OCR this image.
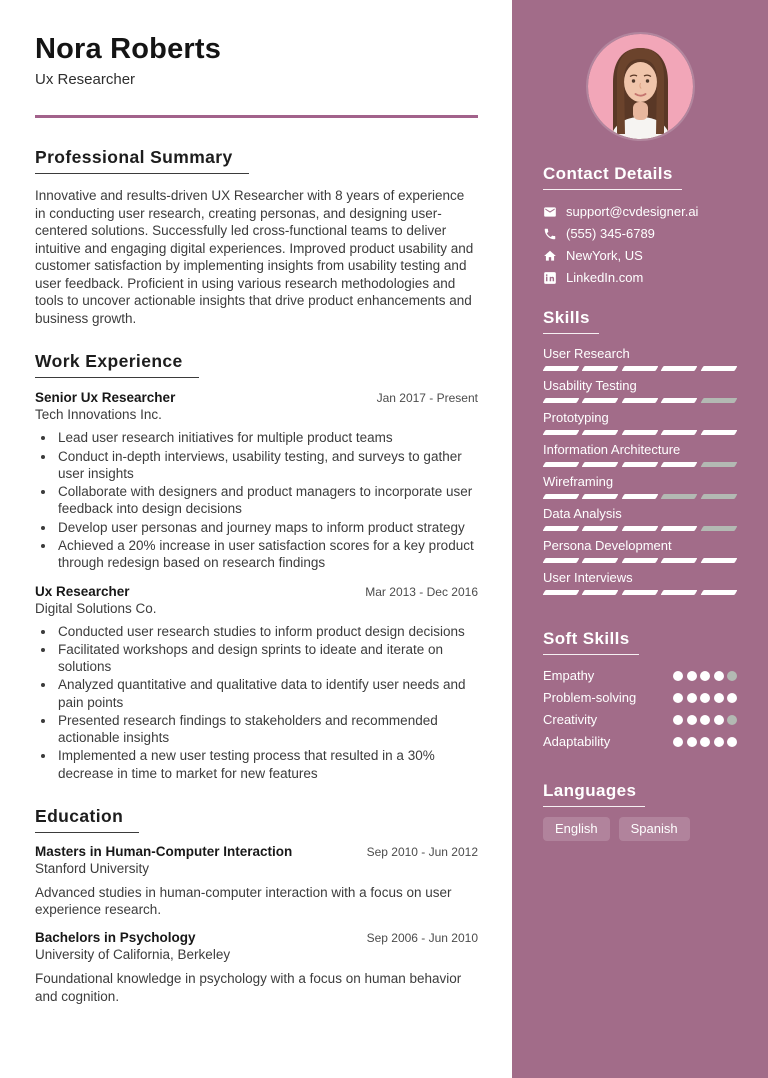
Nora Roberts
Ux Researcher
Professional Summary

Innovative and results-driven UX Researcher with 8 years of experience in conducting user research, creating personas, and designing user-centered solutions. Successfully led cross-functional teams to deliver intuitive and engaging digital experiences. Improved product usability and customer satisfaction by implementing insights from usability testing and user feedback. Proficient in using various research methodologies and tools to uncover actionable insights that drive product enhancements and business growth.

Work Experience
Senior Ux Researcher	Jan 2017 - Present
Tech Innovations Inc.
• Lead user research initiatives for multiple product teams
• Conduct in-depth interviews, usability testing, and surveys to gather user insights
• Collaborate with designers and product managers to incorporate user feedback into design decisions
• Develop user personas and journey maps to inform product strategy
• Achieved a 20% increase in user satisfaction scores for a key product through redesign based on research findings
Ux Researcher	Mar 2013 - Dec 2016
Digital Solutions Co.
• Conducted user research studies to inform product design decisions
• Facilitated workshops and design sprints to ideate and iterate on solutions
• Analyzed quantitative and qualitative data to identify user needs and pain points
• Presented research findings to stakeholders and recommended actionable insights
• Implemented a new user testing process that resulted in a 30% decrease in time to market for new features
Education
Masters in Human-Computer Interaction	Sep 2010 - Jun 2012
Stanford University
Advanced studies in human-computer interaction with a focus on user experience research.
Bachelors in Psychology	Sep 2006 - Jun 2010
University of California, Berkeley
Foundational knowledge in psychology with a focus on human behavior and cognition.
Contact Details
support@cvdesigner.ai
(555) 345-6789
NewYork, US
LinkedIn.com
Skills
User Research
Usability Testing
Prototyping
Information Architecture
Wireframing
Data Analysis
Persona Development
User Interviews
Soft Skills
Empathy
Problem-solving
Creativity
Adaptability
Languages
English	Spanish
